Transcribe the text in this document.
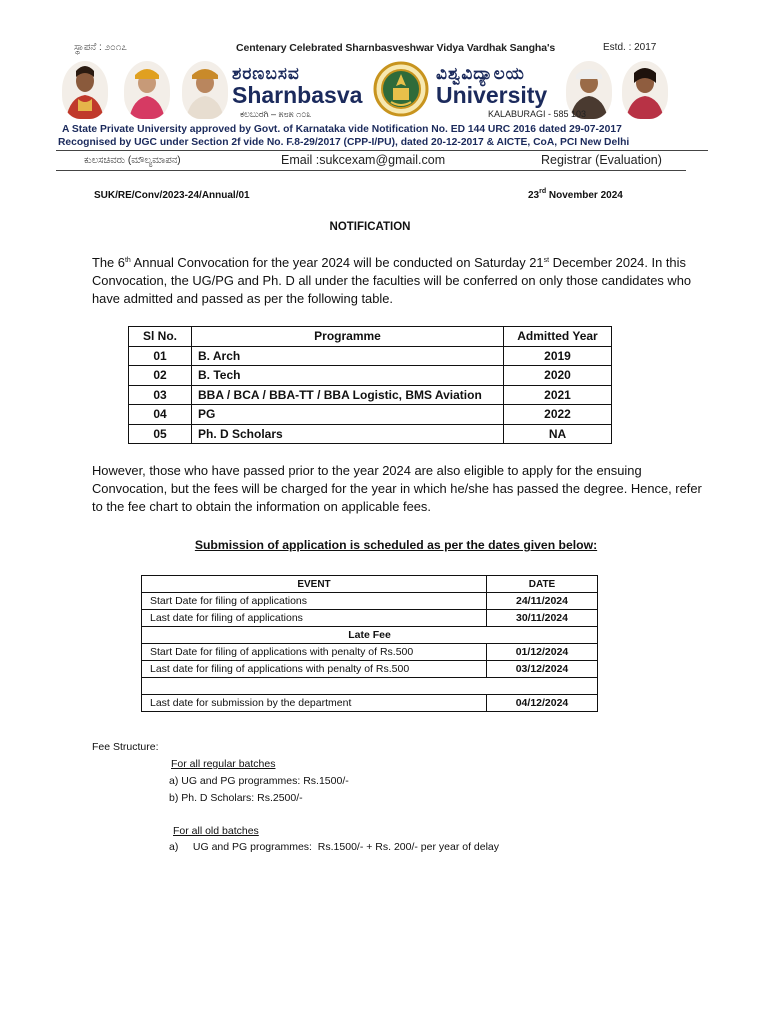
ಸ್ಥಾಪನೆ : ೨೦೧೭	Centenary Celebrated Sharnbasveshwar Vidya Vardhak Sangha's	Estd. : 2017
ಶರಣಬಸವ
Sharnbasva
ಕಲಬುರಗಿ – ೫೮೫ ೧೦೩
ವಿಶ್ವವಿದ್ಯಾಲಯ
University
KALABURAGI - 585 103
A State Private University approved by Govt. of Karnataka vide Notification No. ED 144 URC 2016 dated 29-07-2017
Recognised by UGC under Section 2f vide No. F.8-29/2017 (CPP-I/PU), dated 20-12-2017 & AICTE, CoA, PCI New Delhi
ಕುಲಸಚಿವರು (ಮೌಲ್ಯಮಾಪನ)	Email :sukcexam@gmail.com	Registrar (Evaluation)
SUK/RE/Conv/2023-24/Annual/01	23rd November 2024
NOTIFICATION
The 6th Annual Convocation for the year 2024 will be conducted on Saturday 21st December 2024. In this Convocation, the UG/PG and Ph. D all under the faculties will be conferred on only those candidates who have admitted and passed as per the following table.
Sl No.	Programme	Admitted Year
01	B. Arch	2019
02	B. Tech	2020
03	BBA / BCA / BBA-TT / BBA Logistic, BMS Aviation	2021
04	PG	2022
05	Ph. D Scholars	NA
However, those who have passed prior to the year 2024 are also eligible to apply for the ensuing Convocation, but the fees will be charged for the year in which he/she has passed the degree. Hence, refer to the fee chart to obtain the information on applicable fees.
Submission of application is scheduled as per the dates given below:
EVENT	DATE
Start Date for filing of applications	24/11/2024
Last date for filing of applications	30/11/2024
Late Fee	
Start Date for filing of applications with penalty of Rs.500	01/12/2024
Last date for filing of applications with penalty of Rs.500	03/12/2024

Last date for submission by the department	04/12/2024
Fee Structure:
For all regular batches
a) UG and PG programmes: Rs.1500/-
b) Ph. D Scholars: Rs.2500/-
For all old batches
a)     UG and PG programmes:  Rs.1500/- + Rs. 200/- per year of delay
